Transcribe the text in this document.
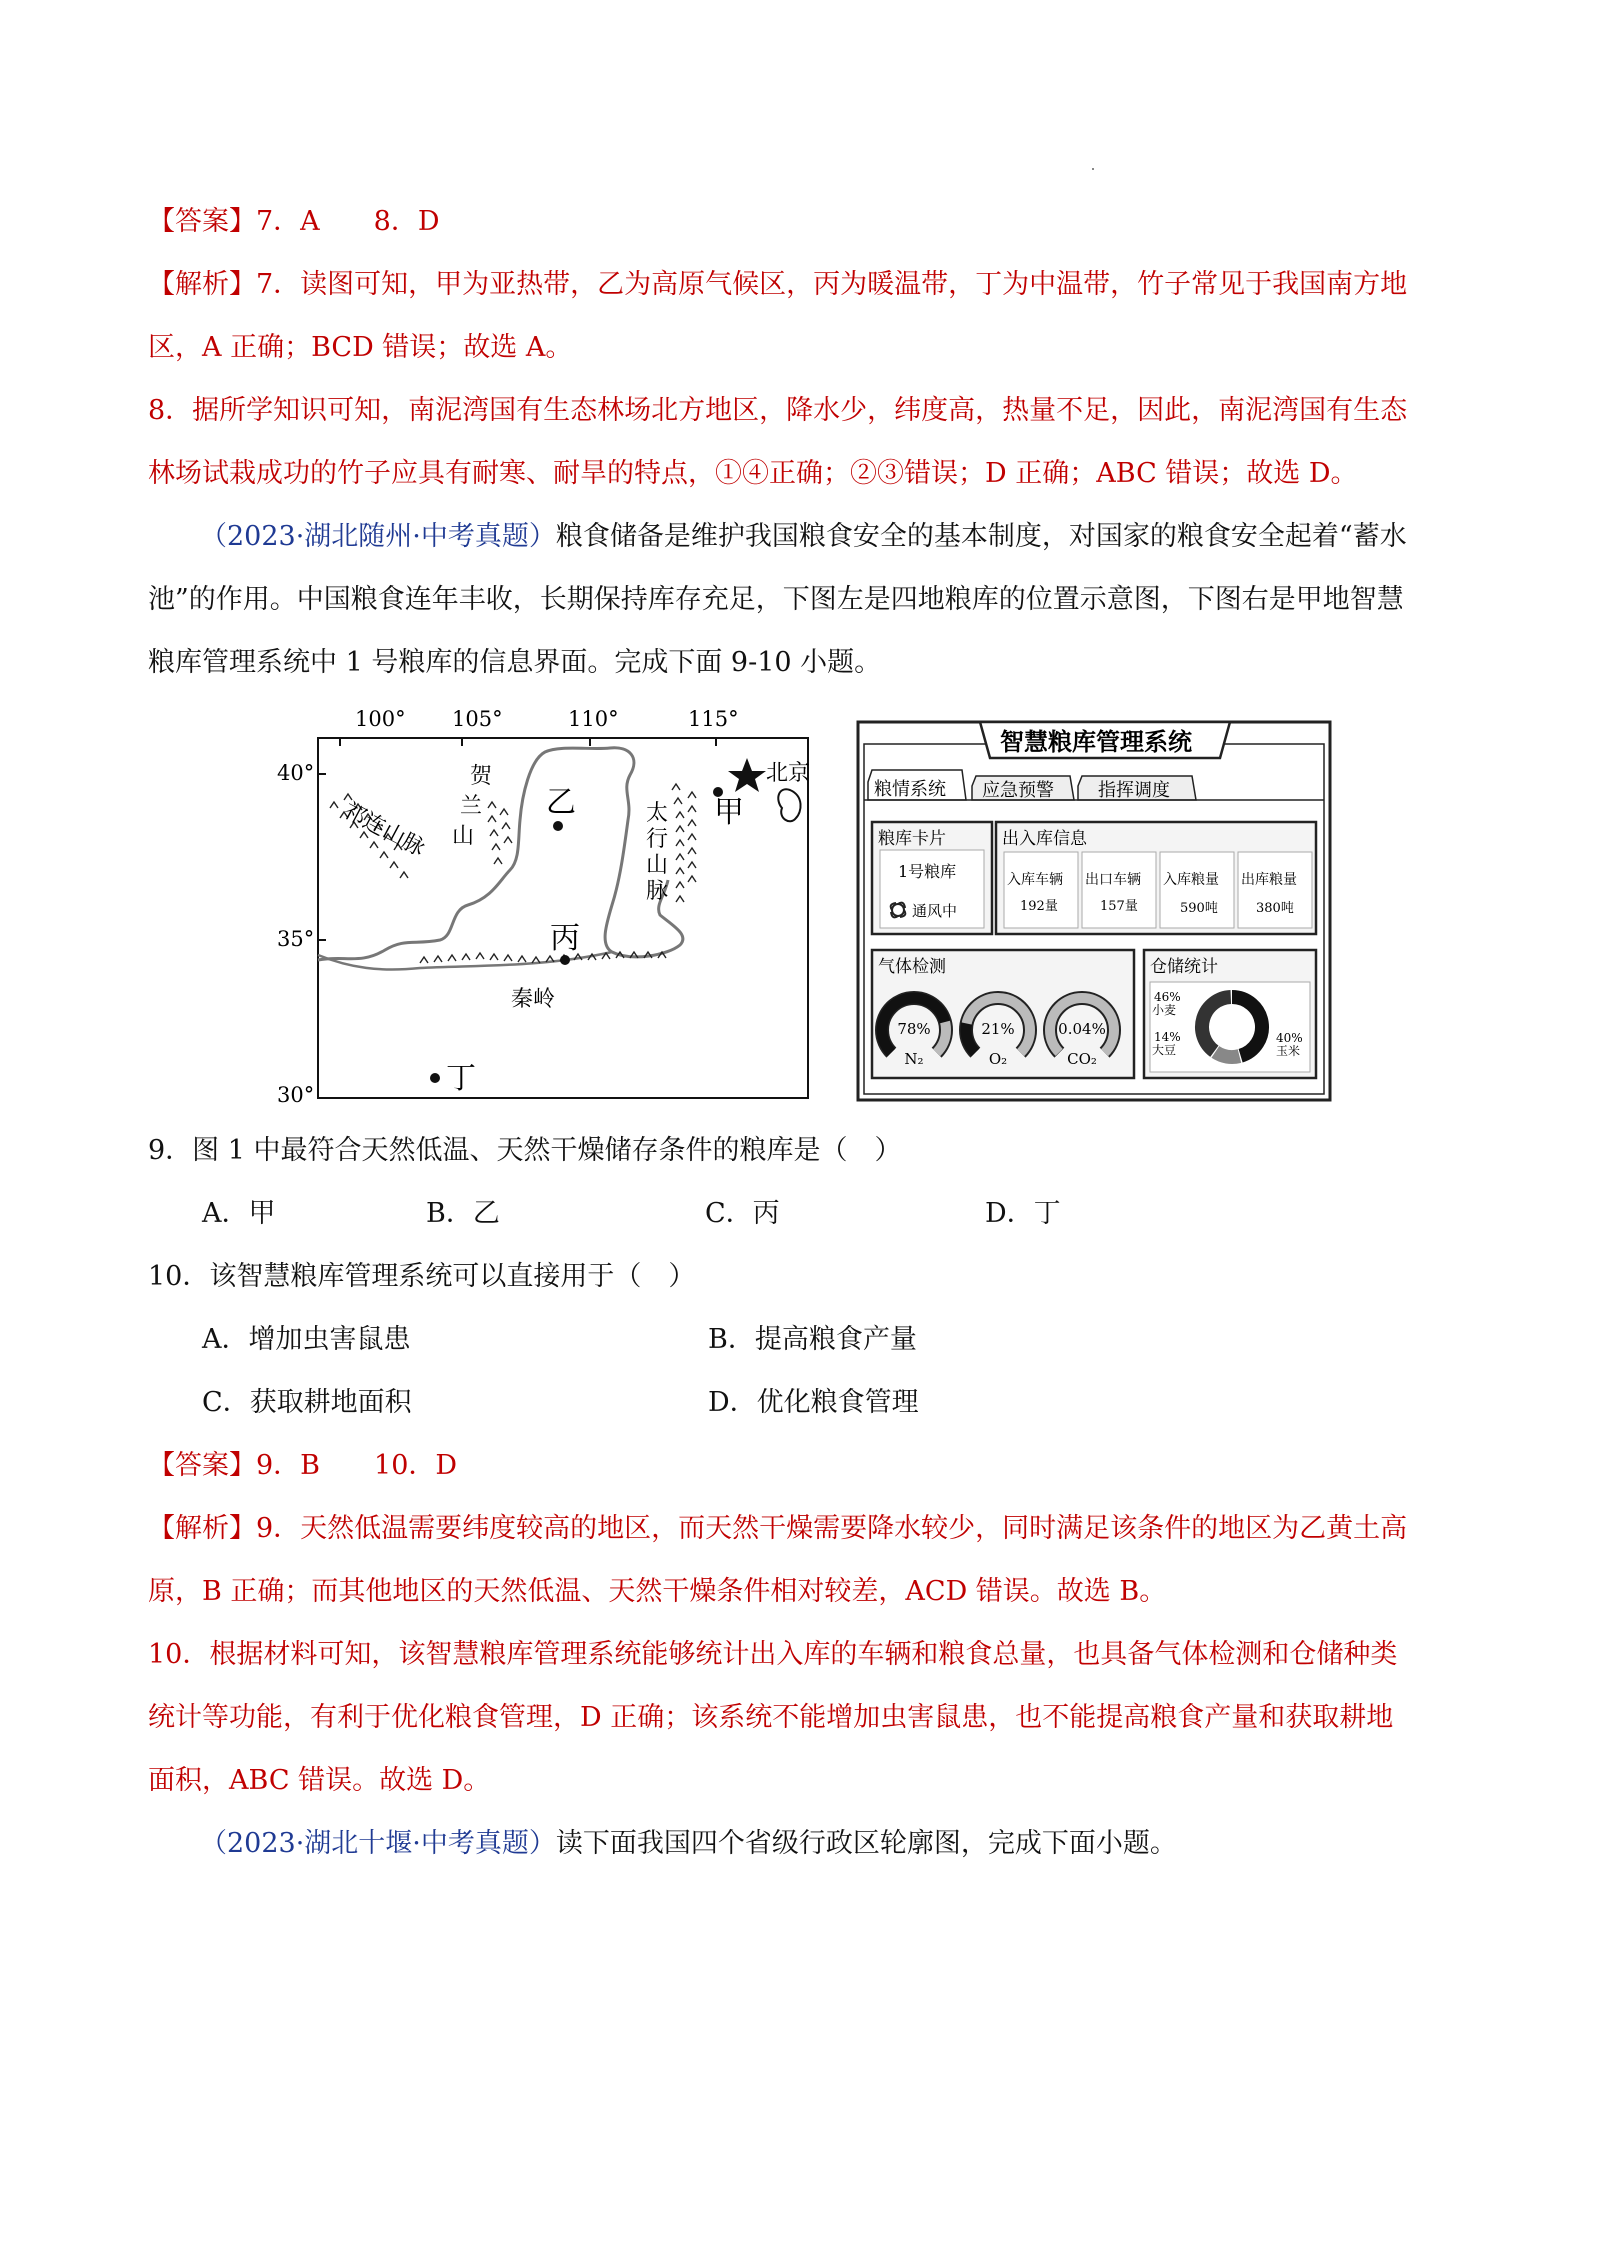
【答案】7．A　　8．D
【解析】7．读图可知，甲为亚热带，乙为高原气候区，丙为暖温带，丁为中温带，竹子常见于我国南方地
区，A 正确；BCD 错误；故选 A。
8．据所学知识可知，南泥湾国有生态林场北方地区，降水少，纬度高，热量不足，因此，南泥湾国有生态
林场试栽成功的竹子应具有耐寒、耐旱的特点，①④正确；②③错误；D 正确；ABC 错误；故选 D。
（2023·湖北随州·中考真题）粮食储备是维护我国粮食安全的基本制度，对国家的粮食安全起着“蓄水
池”的作用。中国粮食连年丰收，长期保持库存充足，下图左是四地粮库的位置示意图，下图右是甲地智慧
粮库管理系统中 1 号粮库的信息界面。完成下面 9-10 小题。
100° 105°	110°	115°
40°
35°
30°
祁连山脉
贺
兰
山
太
行
山
脉
秦岭
乙
丙
甲
丁
北京
智慧粮库管理系统
粮情系统 应急预警 指挥调度
粮库卡片
1号粮库
通风中
出入库信息
入库车辆
192量
出口车辆
157量
入库粮量
590吨
出库粮量
380吨
气体检测
78%
N₂
21%
O₂
0.04%
CO₂
仓储统计
46%
小麦
14%
大豆
40%
玉米
9．图 1 中最符合天然低温、天然干燥储存条件的粮库是（　）
A．甲	B．乙	C．丙	D．丁
10．该智慧粮库管理系统可以直接用于（　）
A．增加虫害鼠患	B．提高粮食产量
C．获取耕地面积	D．优化粮食管理
【答案】9．B　　10．D
【解析】9．天然低温需要纬度较高的地区，而天然干燥需要降水较少，同时满足该条件的地区为乙黄土高
原，B 正确；而其他地区的天然低温、天然干燥条件相对较差，ACD 错误。故选 B。
10．根据材料可知，该智慧粮库管理系统能够统计出入库的车辆和粮食总量，也具备气体检测和仓储种类
统计等功能，有利于优化粮食管理，D 正确；该系统不能增加虫害鼠患，也不能提高粮食产量和获取耕地
面积，ABC 错误。故选 D。
（2023·湖北十堰·中考真题）读下面我国四个省级行政区轮廓图，完成下面小题。
